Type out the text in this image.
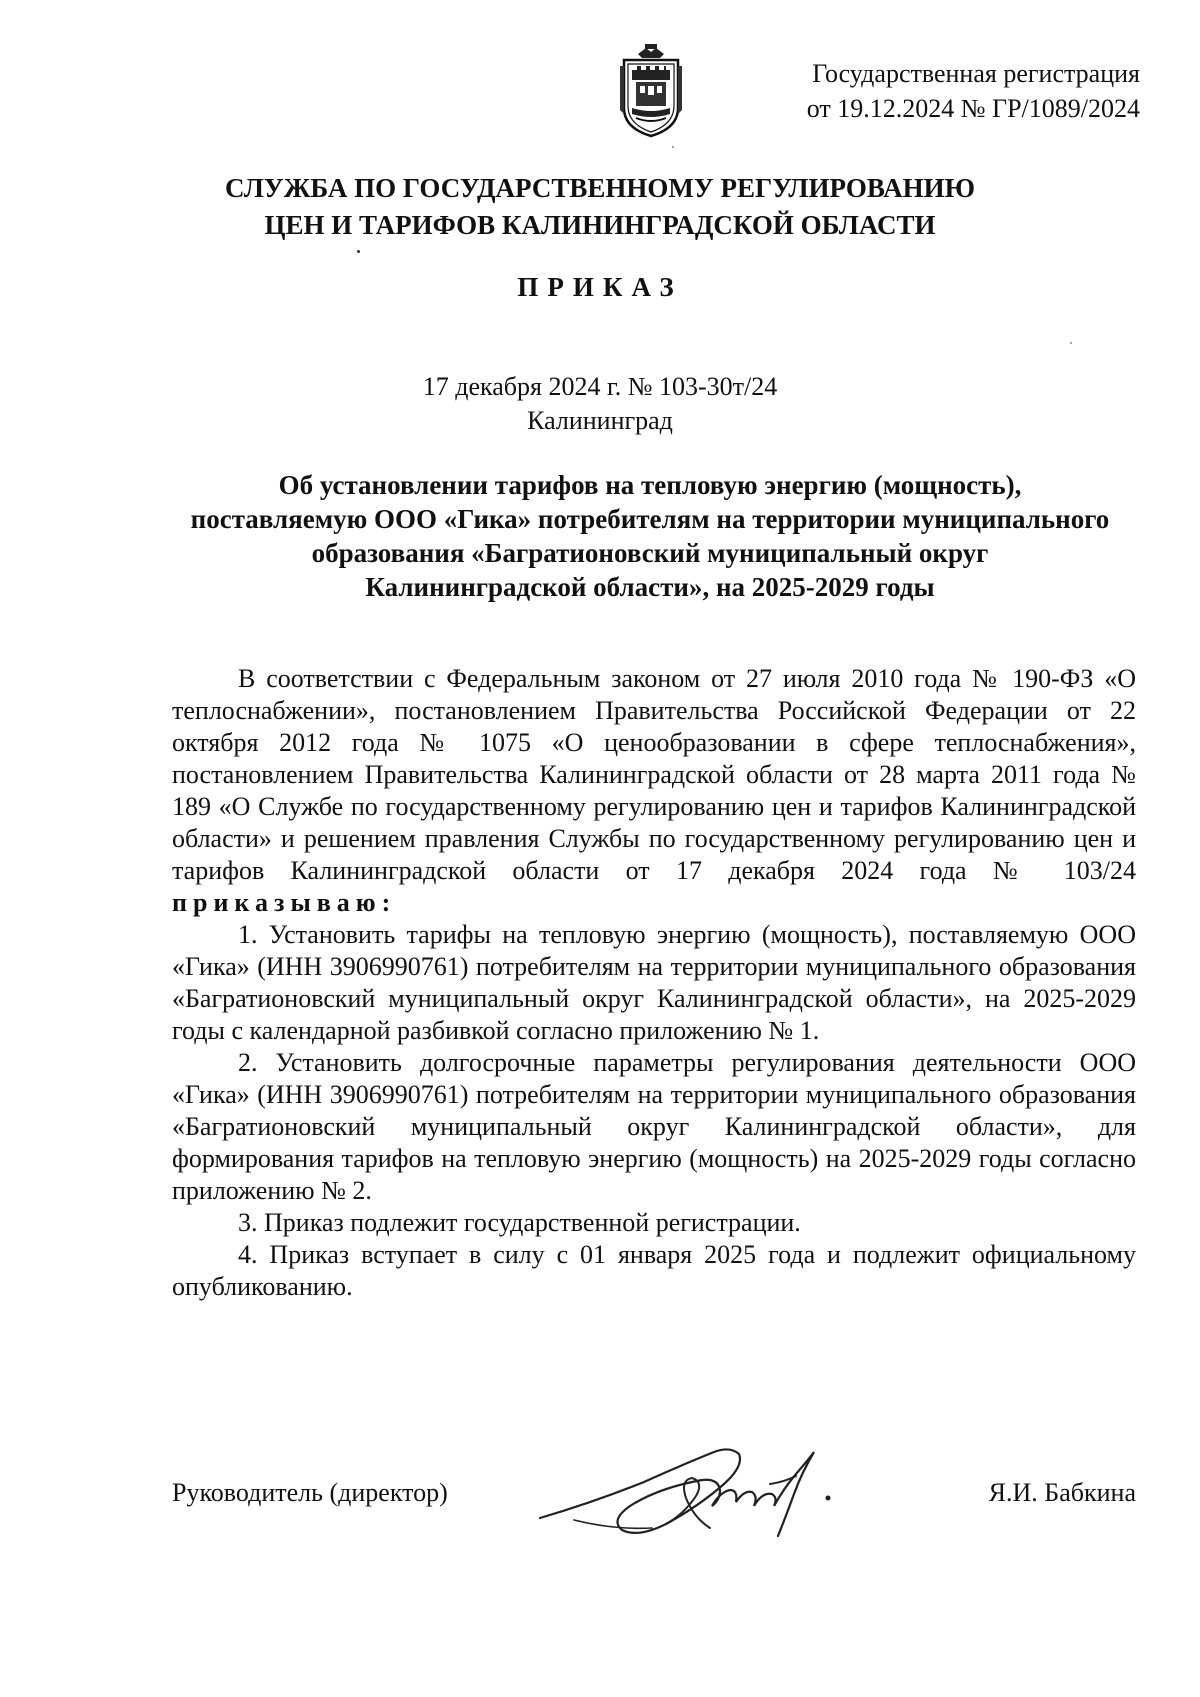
Государственная регистрация
от 19.12.2024 № ГР/1089/2024
СЛУЖБА ПО ГОСУДАРСТВЕННОМУ РЕГУЛИРОВАНИЮ
ЦЕН И ТАРИФОВ КАЛИНИНГРАДСКОЙ ОБЛАСТИ
ПРИКАЗ
17 декабря 2024 г. № 103-30т/24
Калининград
Об установлении тарифов на тепловую энергию (мощность),
поставляемую ООО «Гика» потребителям на территории муниципального
образования «Багратионовский муниципальный округ
Калининградской области», на 2025-2029 годы

В соответствии с Федеральным законом от 27 июля 2010 года № 190-ФЗ «О теплоснабжении», постановлением Правительства Российской Федерации от 22 октября 2012 года № 1075 «О ценообразовании в сфере теплоснабжения», постановлением Правительства Калининградской области от 28 марта 2011 года № 189 «О Службе по государственному регулированию цен и тарифов Калининградской области» и решением правления Службы по государственному регулированию цен и тарифов Калининградской области от 17 декабря 2024 года № 103/24 приказываю:

1. Установить тарифы на тепловую энергию (мощность), поставляемую ООО «Гика» (ИНН 3906990761) потребителям на территории муниципального образования «Багратионовский муниципальный округ Калининградской области», на 2025-2029 годы с календарной разбивкой согласно приложению № 1.

2. Установить долгосрочные параметры регулирования деятельности ООО «Гика» (ИНН 3906990761) потребителям на территории муниципального образования «Багратионовский муниципальный округ Калининградской области», для формирования тарифов на тепловую энергию (мощность) на 2025-2029 годы согласно приложению № 2.

3. Приказ подлежит государственной регистрации.

4. Приказ вступает в силу с 01 января 2025 года и подлежит официальному опубликованию.

Руководитель (директор)	Я.И. Бабкина
